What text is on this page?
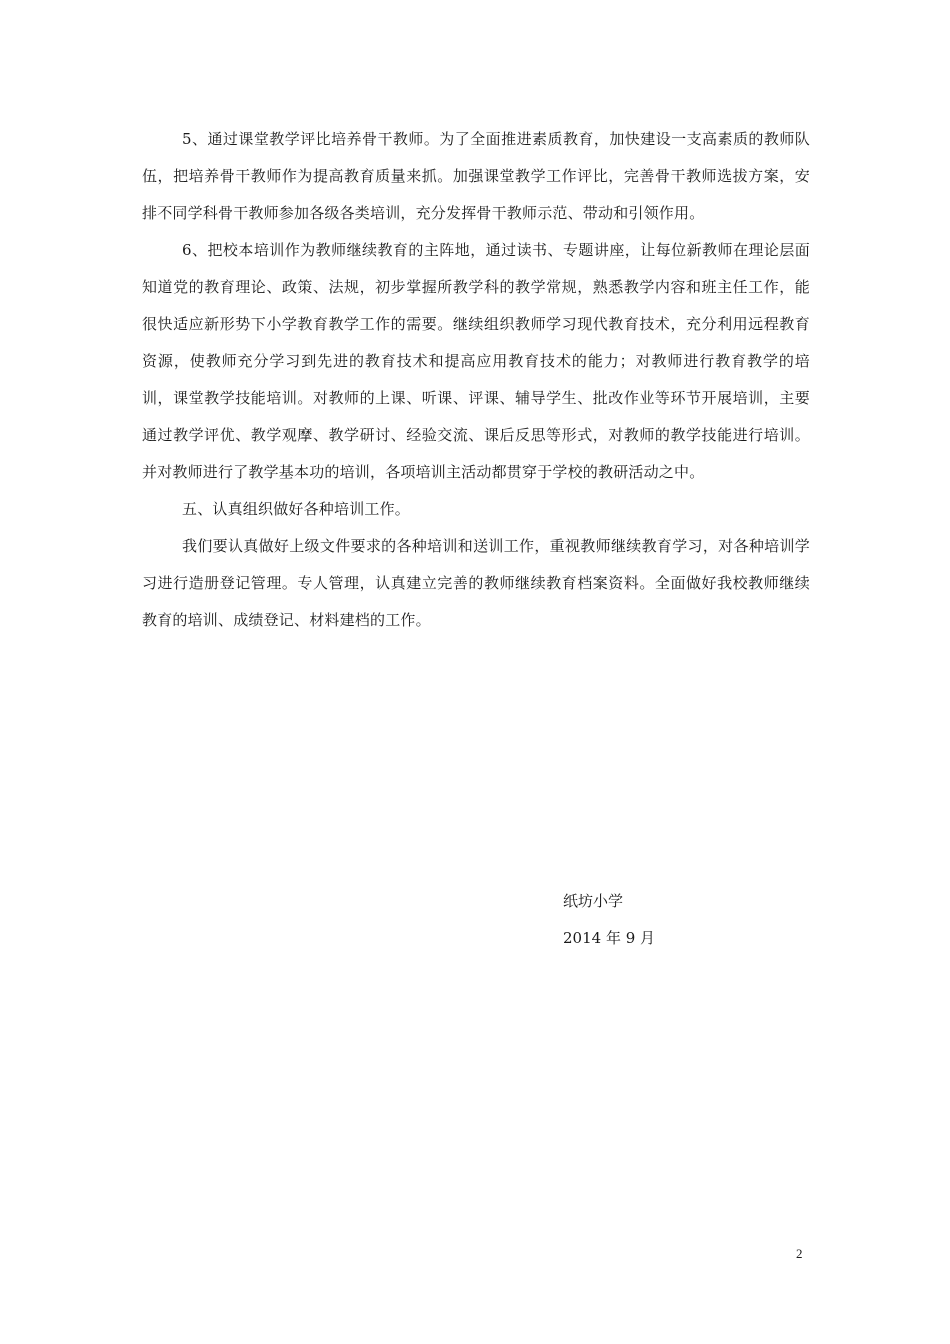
5、通过课堂教学评比培养骨干教师。为了全面推进素质教育，加快建设一支高素质的教师队伍，把培养骨干教师作为提高教育质量来抓。加强课堂教学工作评比，完善骨干教师选拔方案，安排不同学科骨干教师参加各级各类培训，充分发挥骨干教师示范、带动和引领作用。

6、把校本培训作为教师继续教育的主阵地，通过读书、专题讲座，让每位新教师在理论层面知道党的教育理论、政策、法规，初步掌握所教学科的教学常规，熟悉教学内容和班主任工作，能很快适应新形势下小学教育教学工作的需要。继续组织教师学习现代教育技术，充分利用远程教育资源，使教师充分学习到先进的教育技术和提高应用教育技术的能力；对教师进行教育教学的培训，课堂教学技能培训。对教师的上课、听课、评课、辅导学生、批改作业等环节开展培训，主要通过教学评优、教学观摩、教学研讨、经验交流、课后反思等形式，对教师的教学技能进行培训。并对教师进行了教学基本功的培训，各项培训主活动都贯穿于学校的教研活动之中。

五、认真组织做好各种培训工作。

我们要认真做好上级文件要求的各种培训和送训工作，重视教师继续教育学习，对各种培训学习进行造册登记管理。专人管理，认真建立完善的教师继续教育档案资料。全面做好我校教师继续教育的培训、成绩登记、材料建档的工作。

纸坊小学
2014 年 9 月
2
